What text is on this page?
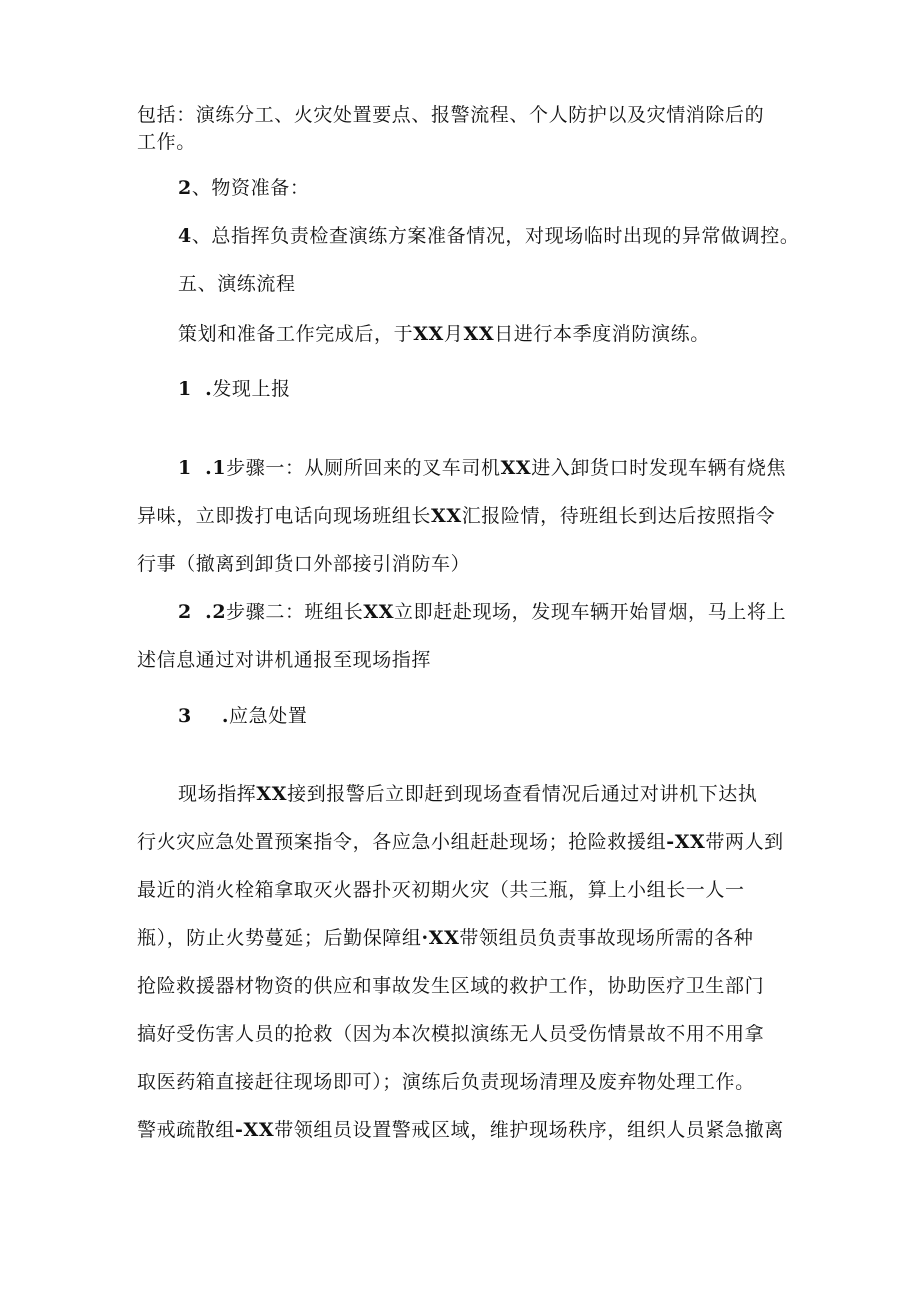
包括：演练分工、火灾处置要点、报警流程、个人防护以及灾情消除后的
工作。
2、物资准备：
4、总指挥负责检查演练方案准备情况，对现场临时出现的异常做调控。
五、演练流程
策划和准备工作完成后，于XX月XX日进行本季度消防演练。
1 .发现上报
1 .1步骤一：从厕所回来的叉车司机XX进入卸货口时发现车辆有烧焦
异味，立即拨打电话向现场班组长XX汇报险情，待班组长到达后按照指令
行事（撤离到卸货口外部接引消防车）
2 .2步骤二：班组长XX立即赶赴现场，发现车辆开始冒烟，马上将上
述信息通过对讲机通报至现场指挥
3 .应急处置
现场指挥XX接到报警后立即赶到现场查看情况后通过对讲机下达执
行火灾应急处置预案指令，各应急小组赶赴现场；抢险救援组-XX带两人到
最近的消火栓箱拿取灭火器扑灭初期火灾（共三瓶，算上小组长一人一
瓶），防止火势蔓延；后勤保障组·XX带领组员负责事故现场所需的各种
抢险救援器材物资的供应和事故发生区域的救护工作，协助医疗卫生部门
搞好受伤害人员的抢救（因为本次模拟演练无人员受伤情景故不用不用拿
取医药箱直接赶往现场即可）；演练后负责现场清理及废弃物处理工作。
警戒疏散组-XX带领组员设置警戒区域，维护现场秩序，组织人员紧急撤离
